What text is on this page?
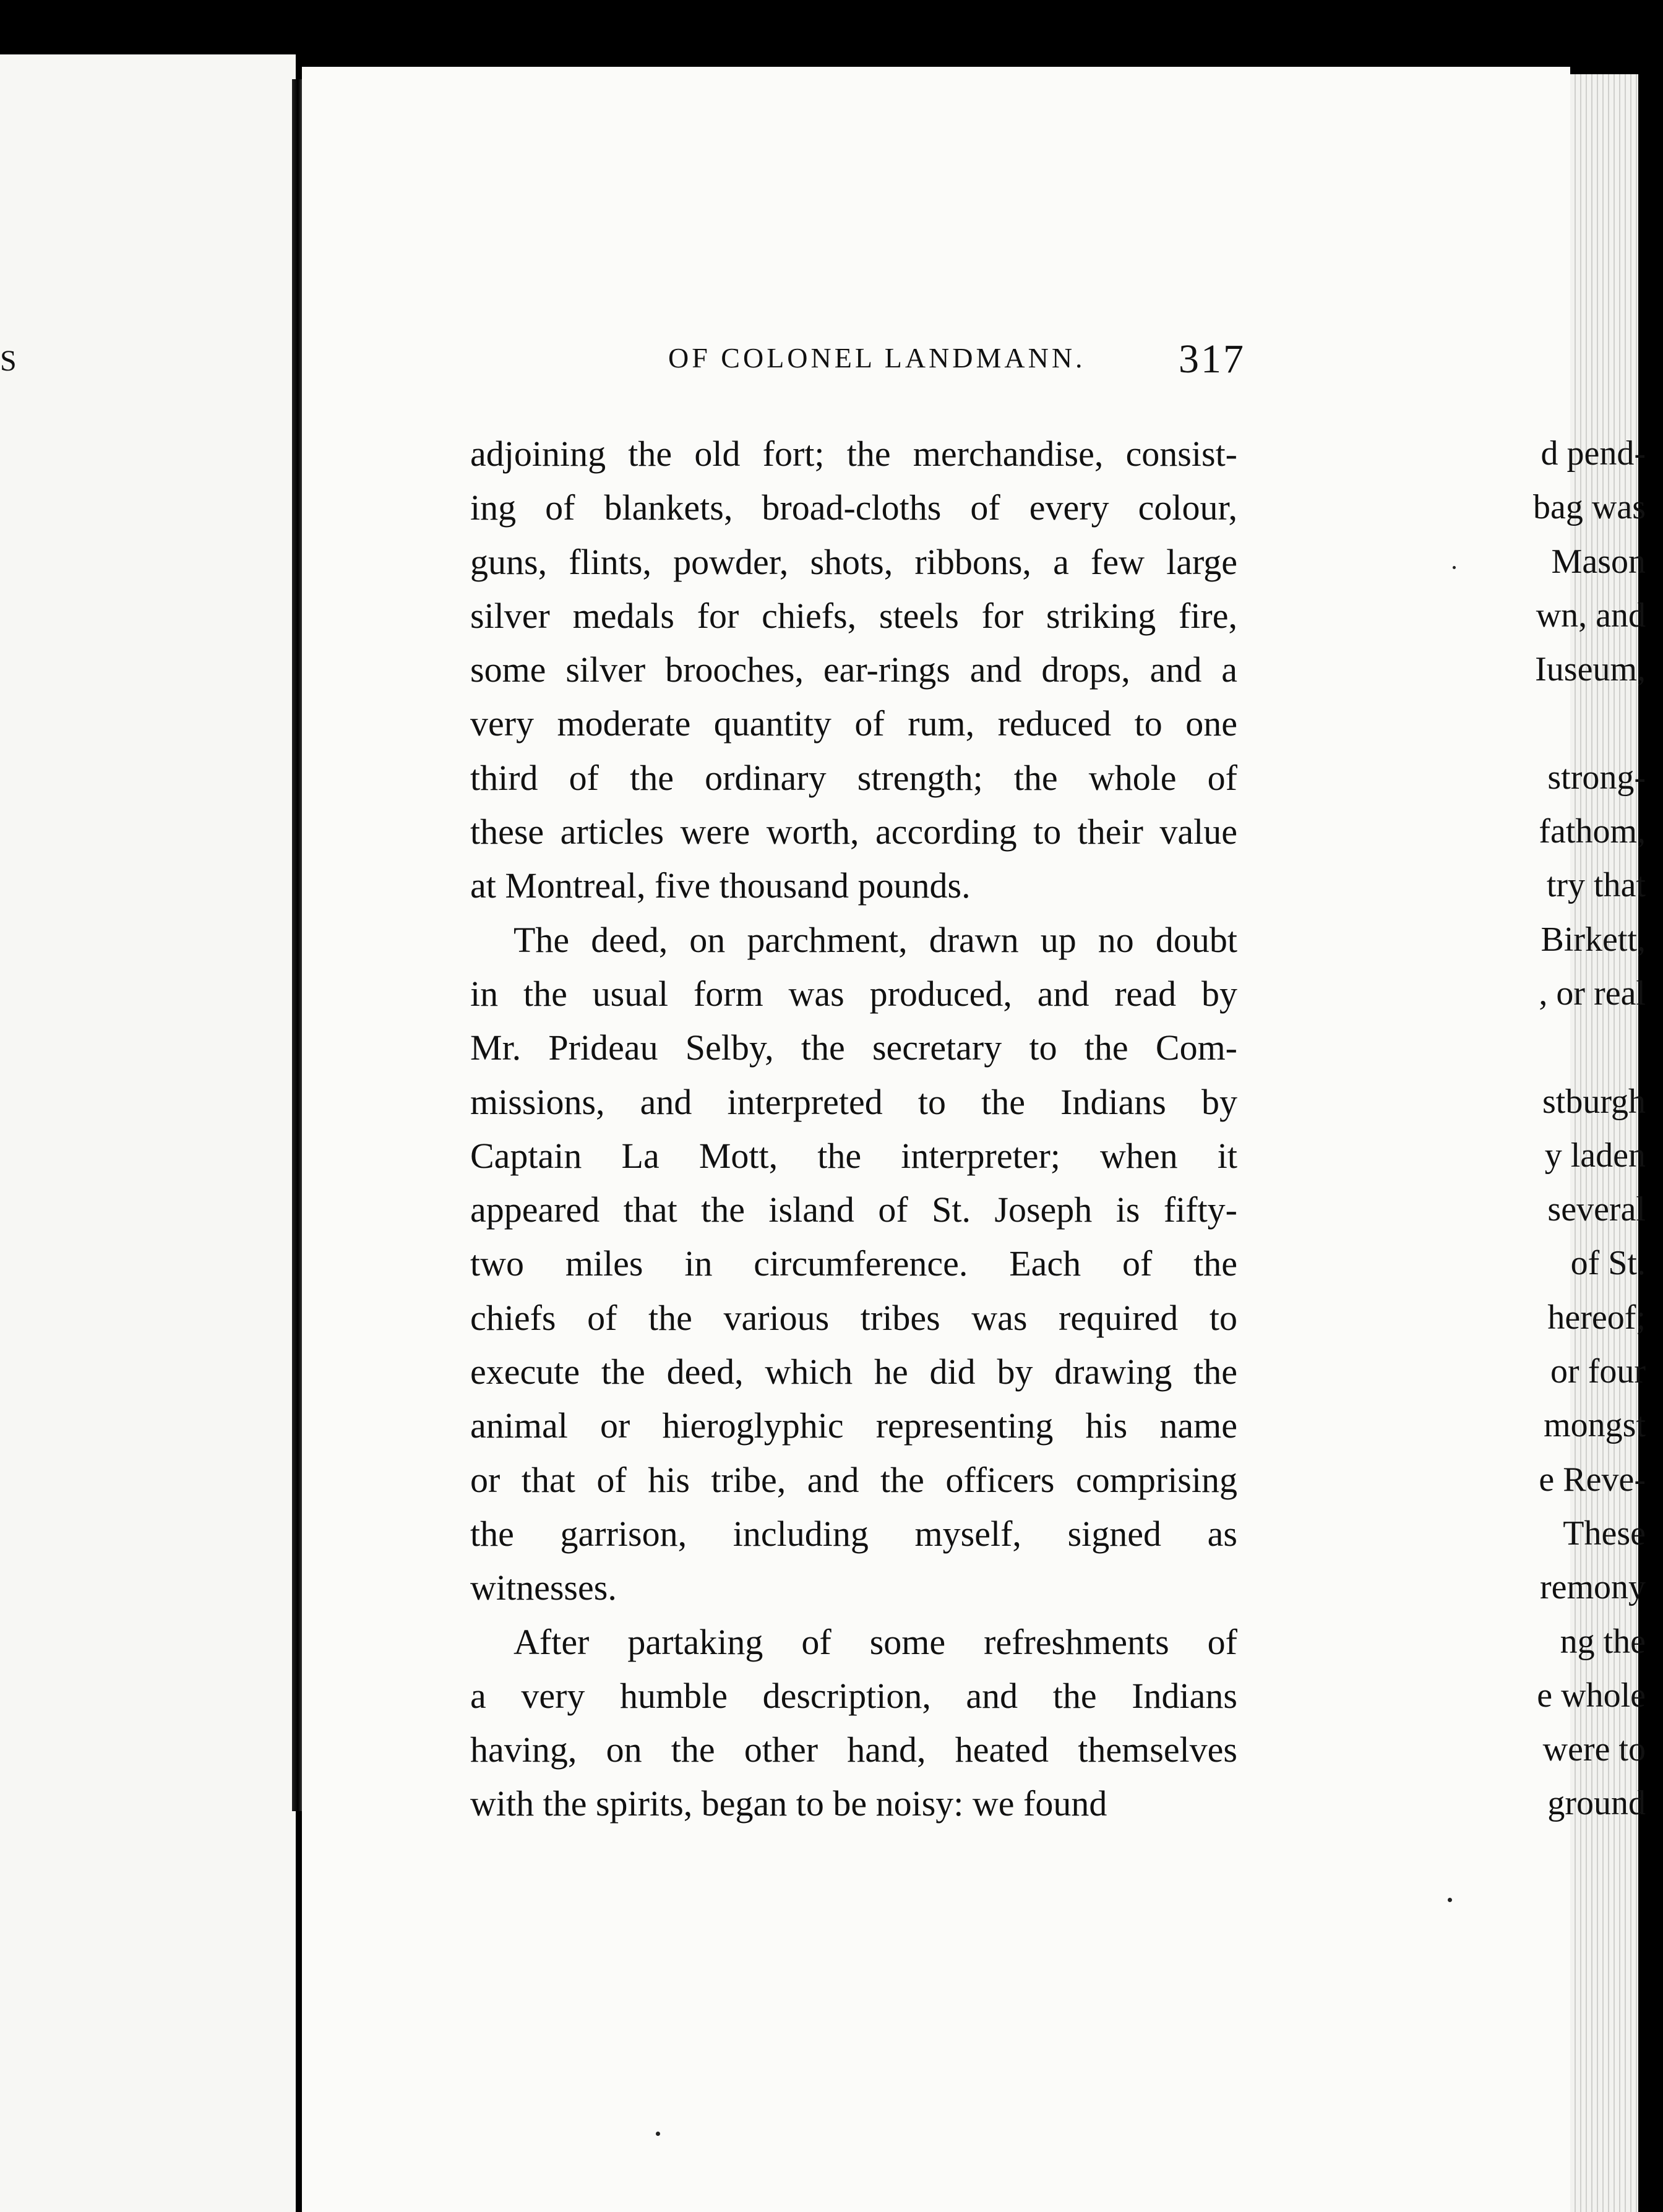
S
d pend-
bag was
Mason
wn, and
Iuseum,
strong-
fathom,
try that
Birkett,
, or real
stburgh
y laden
several
of St.
hereof;
or four
mongst
e Reve-
These
remony
ng the
e whole
were to
ground
OF COLONEL LANDMANN. 317
adjoining the old fort; the merchandise, consist-
ing of blankets, broad-cloths of every colour,
guns, flints, powder, shots, ribbons, a few large
silver medals for chiefs, steels for striking fire,
some silver brooches, ear-rings and drops, and a
very moderate quantity of rum, reduced to one
third of the ordinary strength; the whole of
these articles were worth, according to their value
at Montreal, five thousand pounds.
The deed, on parchment, drawn up no doubt
in the usual form was produced, and read by
Mr. Prideau Selby, the secretary to the Com-
missions, and interpreted to the Indians by
Captain La Mott, the interpreter; when it
appeared that the island of St. Joseph is fifty-
two miles in circumference. Each of the
chiefs of the various tribes was required to
execute the deed, which he did by drawing the
animal or hieroglyphic representing his name
or that of his tribe, and the officers comprising
the garrison, including myself, signed as
witnesses.
After partaking of some refreshments of
a very humble description, and the Indians
having, on the other hand, heated themselves
with the spirits, began to be noisy: we found
